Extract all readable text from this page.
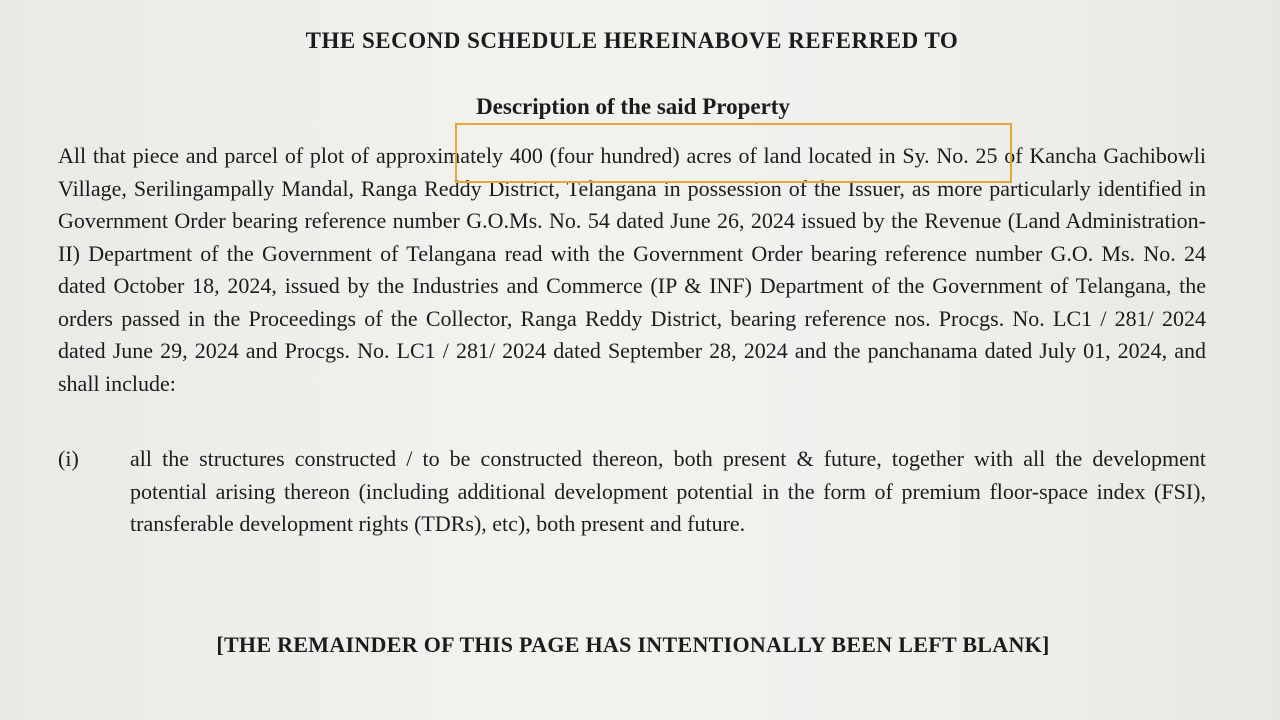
THE SECOND SCHEDULE HEREINABOVE REFERRED TO
Description of the said Property

All that piece and parcel of plot of approximately 400 (four hundred) acres of land located in Sy. No. 25 of Kancha Gachibowli Village, Serilingampally Mandal, Ranga Reddy District, Telangana in possession of the Issuer, as more particularly identified in Government Order bearing reference number G.O.Ms. No. 54 dated June 26, 2024 issued by the Revenue (Land Administration-II) Department of the Government of Telangana read with the Government Order bearing reference number G.O. Ms. No. 24 dated October 18, 2024, issued by the Industries and Commerce (IP & INF) Department of the Government of Telangana, the orders passed in the Proceedings of the Collector, Ranga Reddy District, bearing reference nos. Procgs. No. LC1 / 281/ 2024 dated June 29, 2024 and Procgs. No. LC1 / 281/ 2024 dated September 28, 2024 and the panchanama dated July 01, 2024, and shall include:

(i) all the structures constructed / to be constructed thereon, both present & future, together with all the development potential arising thereon (including additional development potential in the form of premium floor-space index (FSI), transferable development rights (TDRs), etc), both present and future.

[THE REMAINDER OF THIS PAGE HAS INTENTIONALLY BEEN LEFT BLANK]
